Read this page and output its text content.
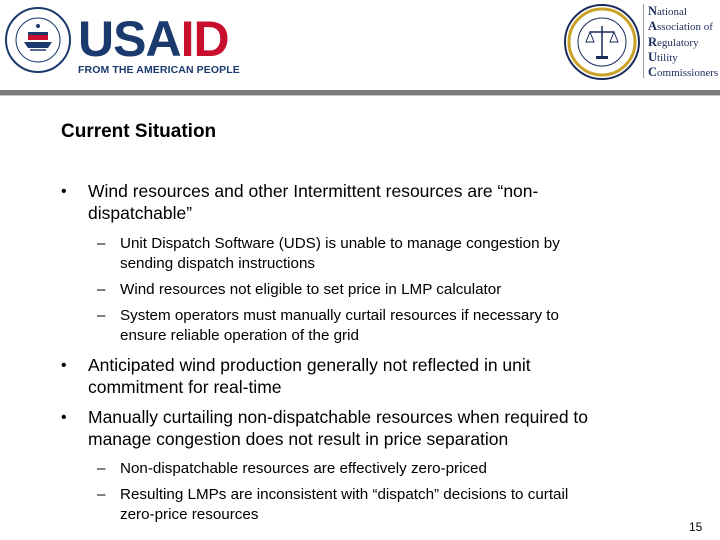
USAID
FROM THE AMERICAN PEOPLE
National
Association of
Regulatory
Utility
Commissioners
Current Situation
• Wind resources and other Intermittent resources are “non-
dispatchable”
– Unit Dispatch Software (UDS) is unable to manage congestion by
sending dispatch instructions
– Wind resources not eligible to set price in LMP calculator
– System operators must manually curtail resources if necessary to
ensure reliable operation of the grid
• Anticipated wind production generally not reflected in unit
commitment for real-time
• Manually curtailing non-dispatchable resources when required to
manage congestion does not result in price separation
– Non-dispatchable resources are effectively zero-priced
– Resulting LMPs are inconsistent with “dispatch” decisions to curtail
zero-price resources
15
